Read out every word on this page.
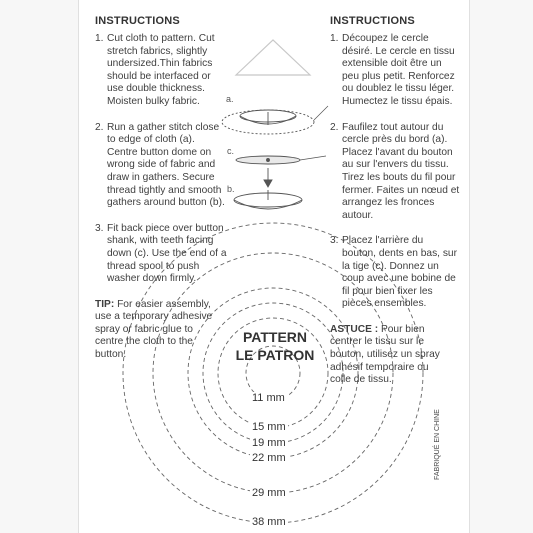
a.
c.
b.
INSTRUCTIONS
1. Cut cloth to pattern. Cut stretch fabrics, slightly undersized.Thin fabrics should be interfaced or use double thickness. Moisten bulky fabric.
2. Run a gather stitch close to edge of cloth (a). Centre button dome on wrong side of fabric and draw in gathers. Secure thread tightly and smooth gathers around button (b).
3. Fit back piece over button shank, with teeth facing down (c). Use the end of a thread spool to push washer down firmly.
TIP: For easier assembly, use a temporary adhesive spray or fabric glue to centre the cloth to the button.
INSTRUCTIONS
1. Découpez le cercle désiré. Le cercle en tissu extensible doit être un peu plus petit. Renforcez ou doublez le tissu léger. Humectez le tissu épais.
2. Faufilez tout autour du cercle près du bord (a). Placez l'avant du bouton au sur l'envers du tissu. Tirez les bouts du fil pour fermer. Faites un nœud et arrangez les fronces autour.
3. Placez l'arrière du bouton, dents en bas, sur la tige (c). Donnez un coup avec une bobine de fil pour bien fixer les pièces ensembles.
ASTUCE : Pour bien centrer le tissu sur le bouton, utilisez un spray adhésif temporaire ou colle de tissu.
PATTERN
LE PATRON
11 mm
15 mm
19 mm
22 mm
29 mm
38 mm
FABRIQUÉ EN CHINE
